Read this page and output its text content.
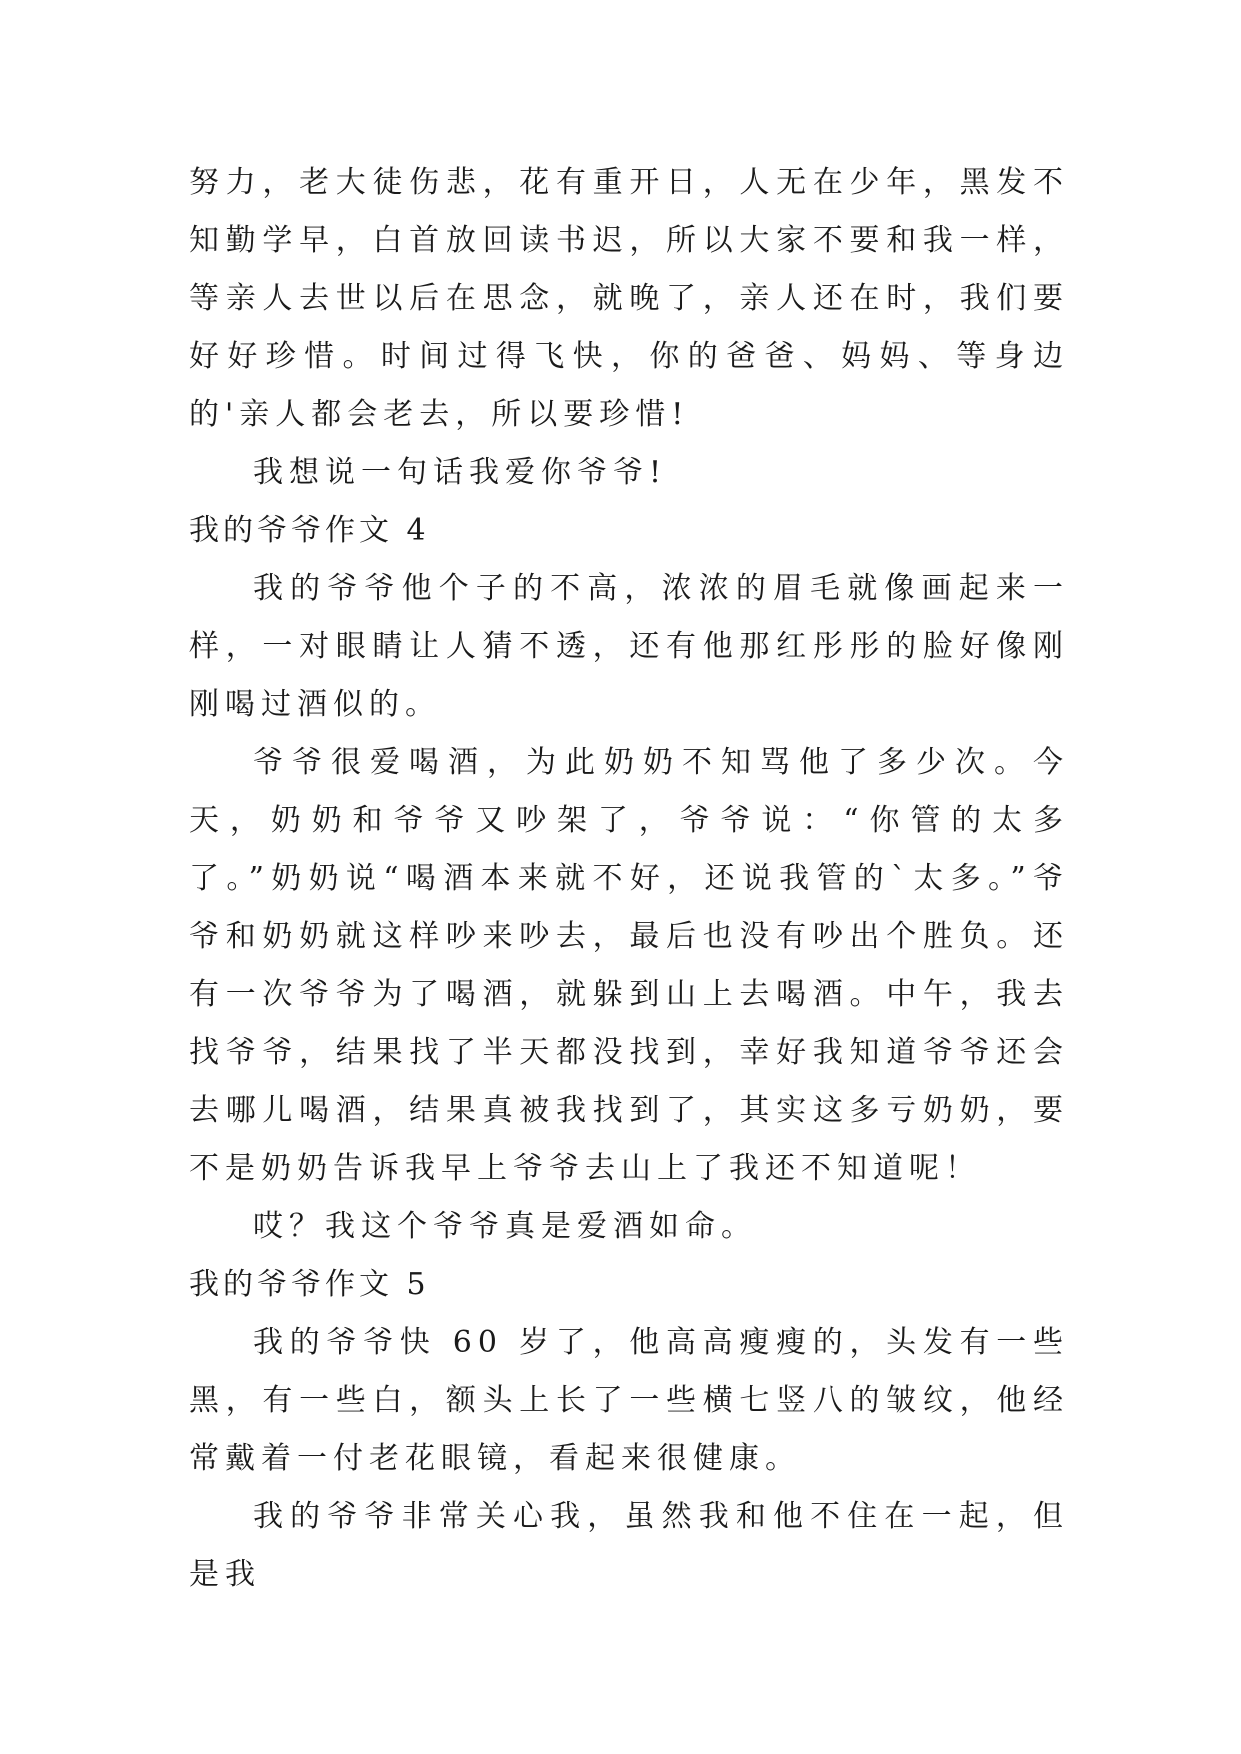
努力，老大徒伤悲，花有重开日，人无在少年，黑发不知勤学早，白首放回读书迟，所以大家不要和我一样，等亲人去世以后在思念，就晚了，亲人还在时，我们要好好珍惜。时间过得飞快，你的爸爸、妈妈、等身边的'亲人都会老去，所以要珍惜!

我想说一句话我爱你爷爷!

我的爷爷作文 4

我的爷爷他个子的不高，浓浓的眉毛就像画起来一样，一对眼睛让人猜不透，还有他那红彤彤的脸好像刚刚喝过酒似的。

爷爷很爱喝酒，为此奶奶不知骂他了多少次。今天，奶奶和爷爷又吵架了，爷爷说：“你管的太多了。”奶奶说“喝酒本来就不好，还说我管的`太多。”爷爷和奶奶就这样吵来吵去，最后也没有吵出个胜负。还有一次爷爷为了喝酒，就躲到山上去喝酒。中午，我去找爷爷，结果找了半天都没找到，幸好我知道爷爷还会去哪儿喝酒，结果真被我找到了，其实这多亏奶奶，要不是奶奶告诉我早上爷爷去山上了我还不知道呢！

哎？我这个爷爷真是爱酒如命。

我的爷爷作文 5

我的爷爷快 60 岁了，他高高瘦瘦的，头发有一些黑，有一些白，额头上长了一些横七竖八的皱纹，他经常戴着一付老花眼镜，看起来很健康。

我的爷爷非常关心我，虽然我和他不住在一起，但是我
